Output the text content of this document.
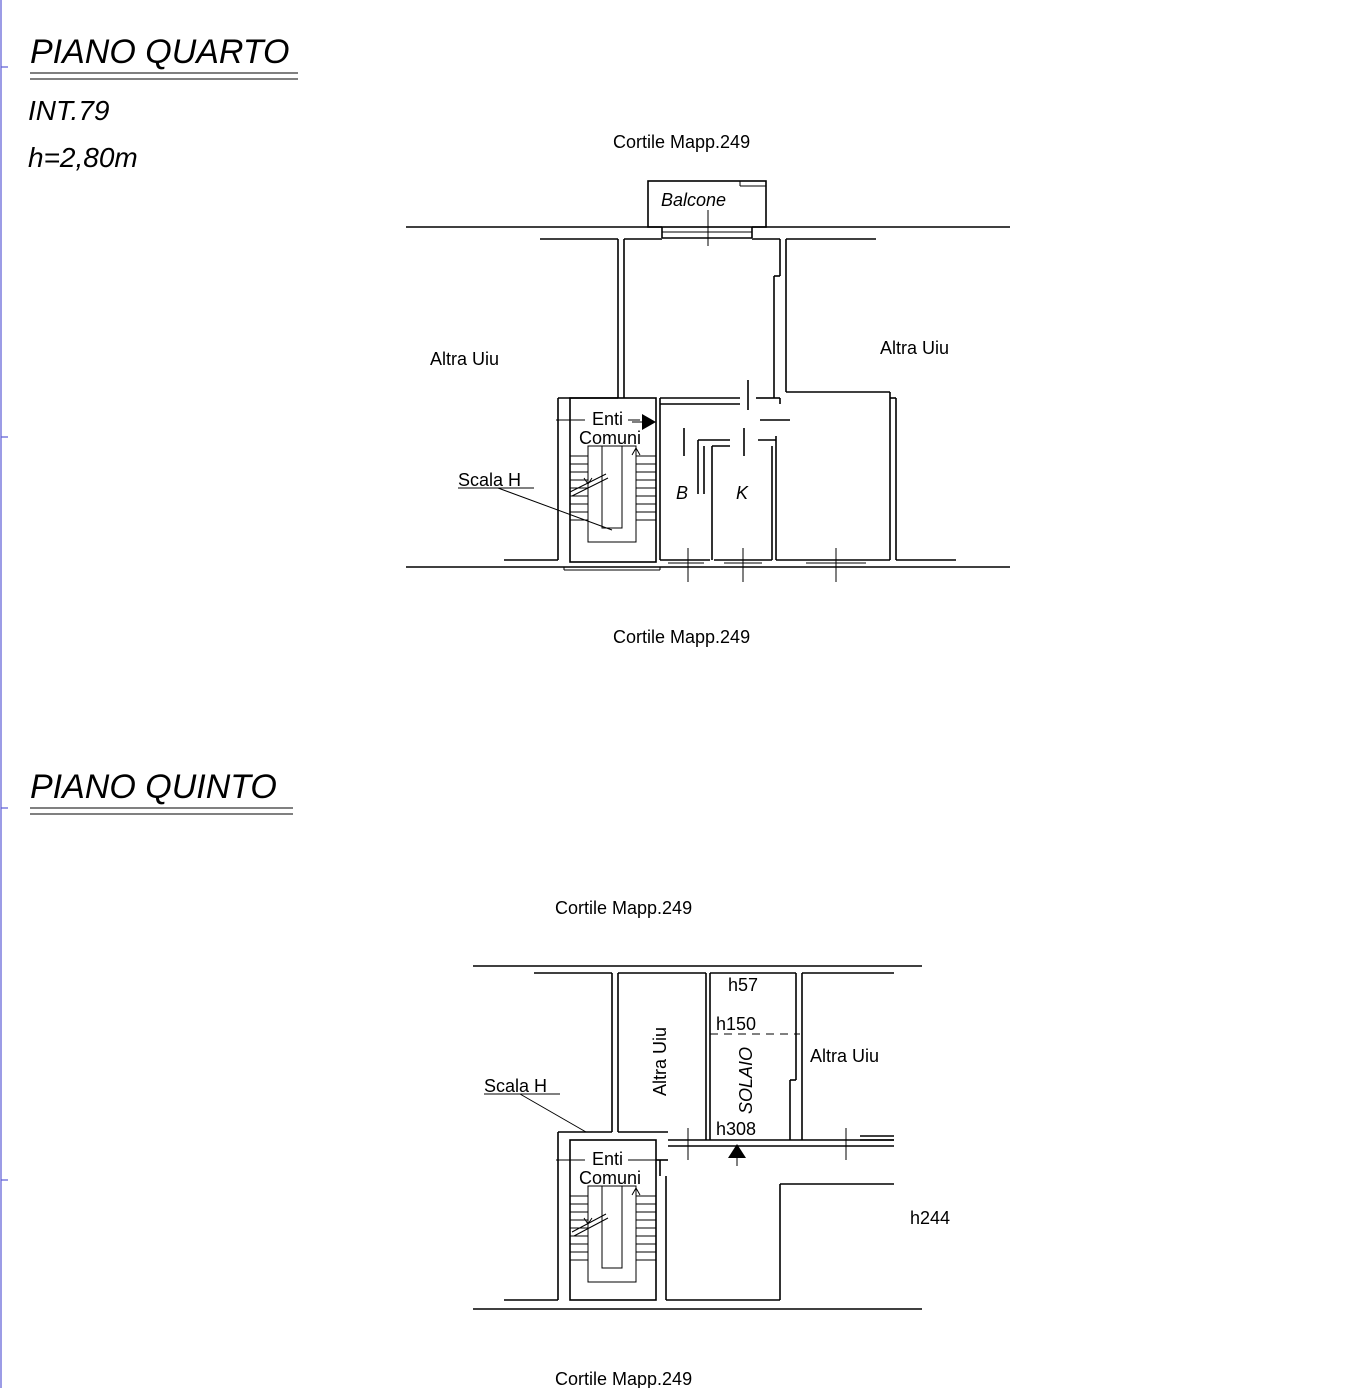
PIANO QUARTO
INT.79
h=2,80m	Cortile Mapp.249
Cortile Mapp.249
Balcone
Altra Uiu
Altra Uiu
Enti
Comuni
Scala H
B	K
PIANO QUINTO
Cortile Mapp.249
Cortile Mapp.249
Scala H	Altra Uiu	Altra Uiu
SOLAIO
h57
h150
h308
h244
Enti
Comuni
